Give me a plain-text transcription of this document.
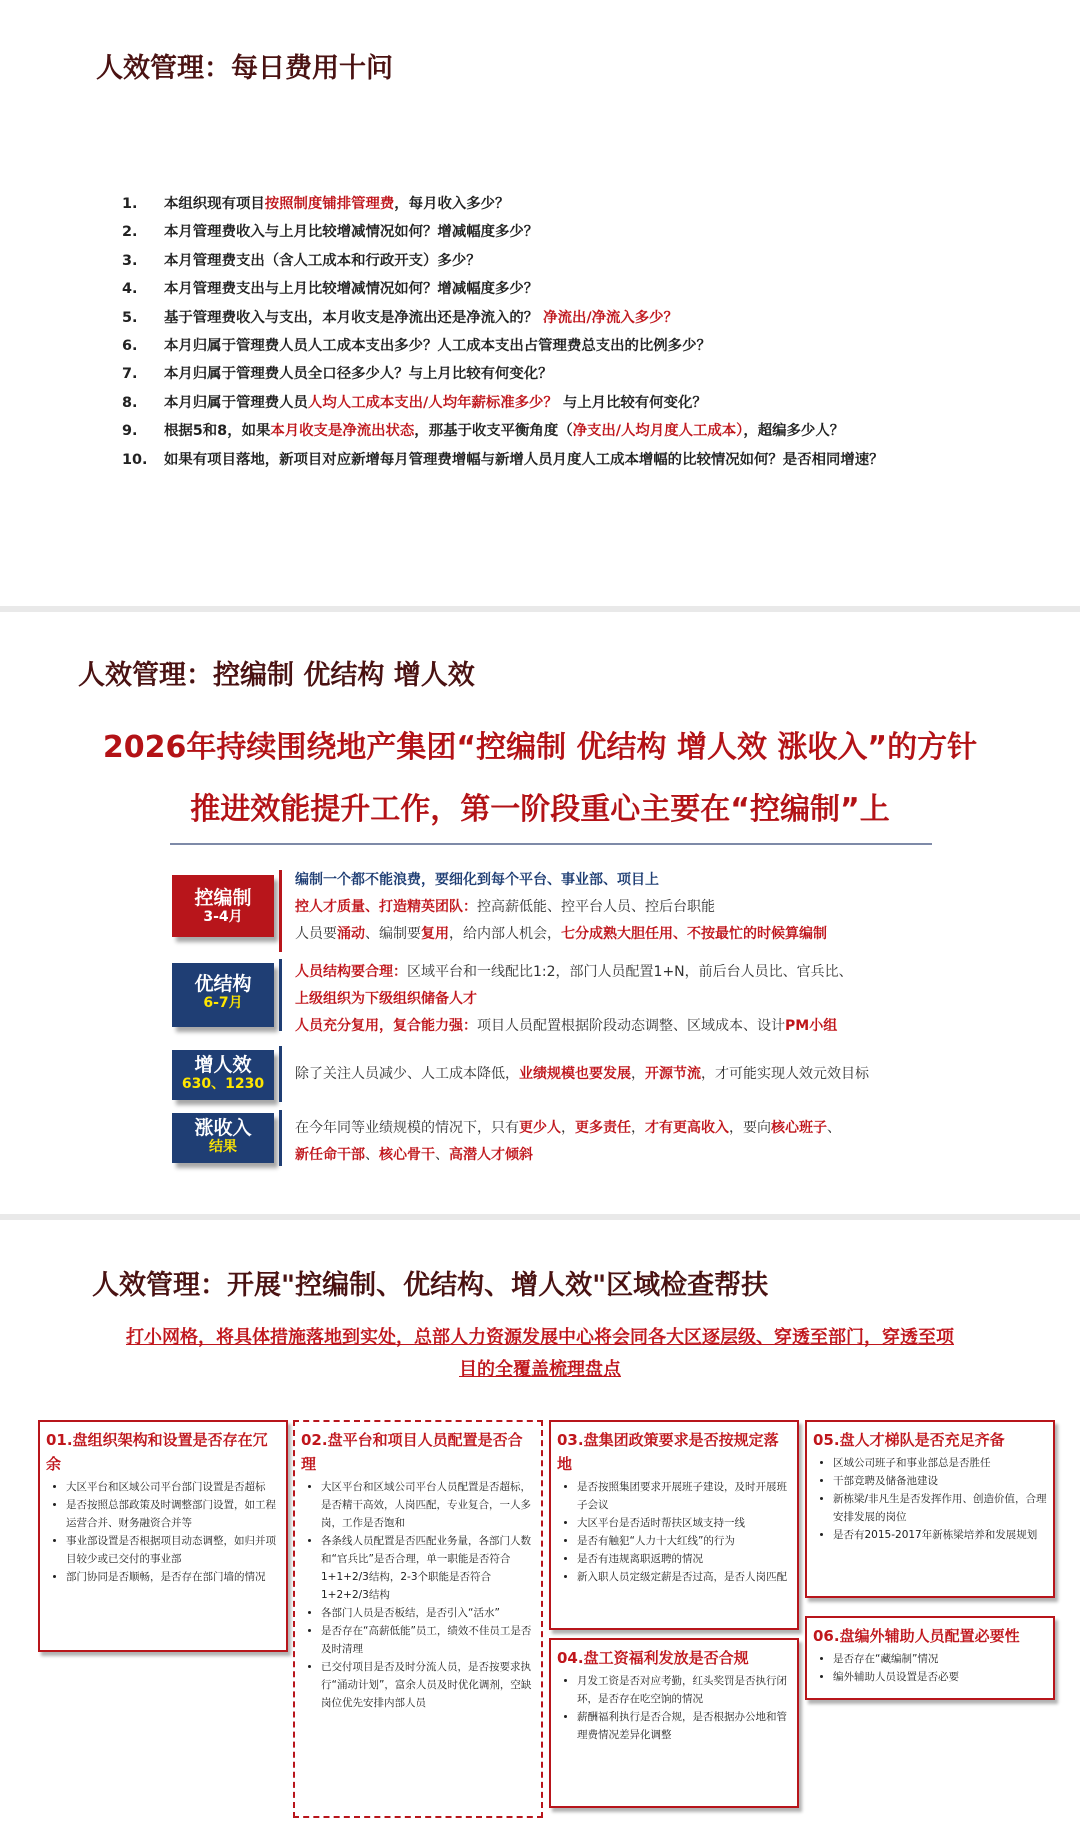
人效管理：每日费用十问
1. 本组织现有项目按照制度铺排管理费，每月收入多少？
2. 本月管理费收入与上月比较增减情况如何？增减幅度多少？
3. 本月管理费支出（含人工成本和行政开支）多少？
4. 本月管理费支出与上月比较增减情况如何？增减幅度多少？
5. 基于管理费收入与支出，本月收支是净流出还是净流入的？ 净流出/净流入多少？
6. 本月归属于管理费人员人工成本支出多少？人工成本支出占管理费总支出的比例多少？
7. 本月归属于管理费人员全口径多少人？与上月比较有何变化？
8. 本月归属于管理费人员人均人工成本支出/人均年薪标准多少？ 与上月比较有何变化？
9. 根据5和8，如果本月收支是净流出状态，那基于收支平衡角度（净支出/人均月度人工成本），超编多少人？
10. 如果有项目落地，新项目对应新增每月管理费增幅与新增人员月度人工成本增幅的比较情况如何？是否相同增速？
人效管理：控编制 优结构 增人效
2026年持续围绕地产集团“控编制 优结构 增人效 涨收入”的方针
推进效能提升工作，第一阶段重心主要在“控编制”上
控编制
3-4月
优结构
6-7月
增人效
630、1230
涨收入
结果
编制一个都不能浪费，要细化到每个平台、事业部、项目上
控人才质量、打造精英团队：控高薪低能、控平台人员、控后台职能
人员要涌动、编制要复用，给内部人机会，七分成熟大胆任用、不按最忙的时候算编制
人员结构要合理：区域平台和一线配比1:2，部门人员配置1+N，前后台人员比、官兵比、
上级组织为下级组织储备人才
人员充分复用，复合能力强：项目人员配置根据阶段动态调整、区域成本、设计PM小组
除了关注人员减少、人工成本降低，业绩规模也要发展，开源节流，才可能实现人效元效目标
在今年同等业绩规模的情况下，只有更少人，更多责任，才有更高收入，要向核心班子、
新任命干部、核心骨干、高潜人才倾斜
人效管理：开展"控编制、优结构、增人效"区域检查帮扶
打小网格，将具体措施落地到实处，总部人力资源发展中心将会同各大区逐层级、穿透至部门，穿透至项
目的全覆盖梳理盘点
01.盘组织架构和设置是否存在冗余
• 大区平台和区域公司平台部门设置是否超标
• 是否按照总部政策及时调整部门设置，如工程运营合并、财务融资合并等
• 事业部设置是否根据项目动态调整，如归并项目较少或已交付的事业部
• 部门协同是否顺畅，是否存在部门墙的情况
02.盘平台和项目人员配置是否合理
• 大区平台和区域公司平台人员配置是否超标，是否精干高效，人岗匹配，专业复合，一人多岗，工作是否饱和
• 各条线人员配置是否匹配业务量，各部门人数和“官兵比”是否合理，单一职能是否符合1+1+2/3结构，2-3个职能是否符合1+2+2/3结构
• 各部门人员是否板结，是否引入“活水”
• 是否存在“高薪低能”员工，绩效不佳员工是否及时清理
• 已交付项目是否及时分流人员，是否按要求执行“涌动计划”，富余人员及时优化调剂，空缺岗位优先安排内部人员
03.盘集团政策要求是否按规定落地
• 是否按照集团要求开展班子建设，及时开展班子会议
• 大区平台是否适时帮扶区域支持一线
• 是否有触犯“人力十大红线”的行为
• 是否有违规离职返聘的情况
• 新入职人员定级定薪是否过高，是否人岗匹配
04.盘工资福利发放是否合规
• 月发工资是否对应考勤，红头奖罚是否执行闭环，是否存在吃空饷的情况
• 薪酬福利执行是否合规，是否根据办公地和管理费情况差异化调整
05.盘人才梯队是否充足齐备
• 区域公司班子和事业部总是否胜任
• 干部竞聘及储备池建设
• 新栋梁/非凡生是否发挥作用、创造价值，合理安排发展的岗位
• 是否有2015-2017年新栋梁培养和发展规划
06.盘编外辅助人员配置必要性
• 是否存在“藏编制”情况
• 编外辅助人员设置是否必要
